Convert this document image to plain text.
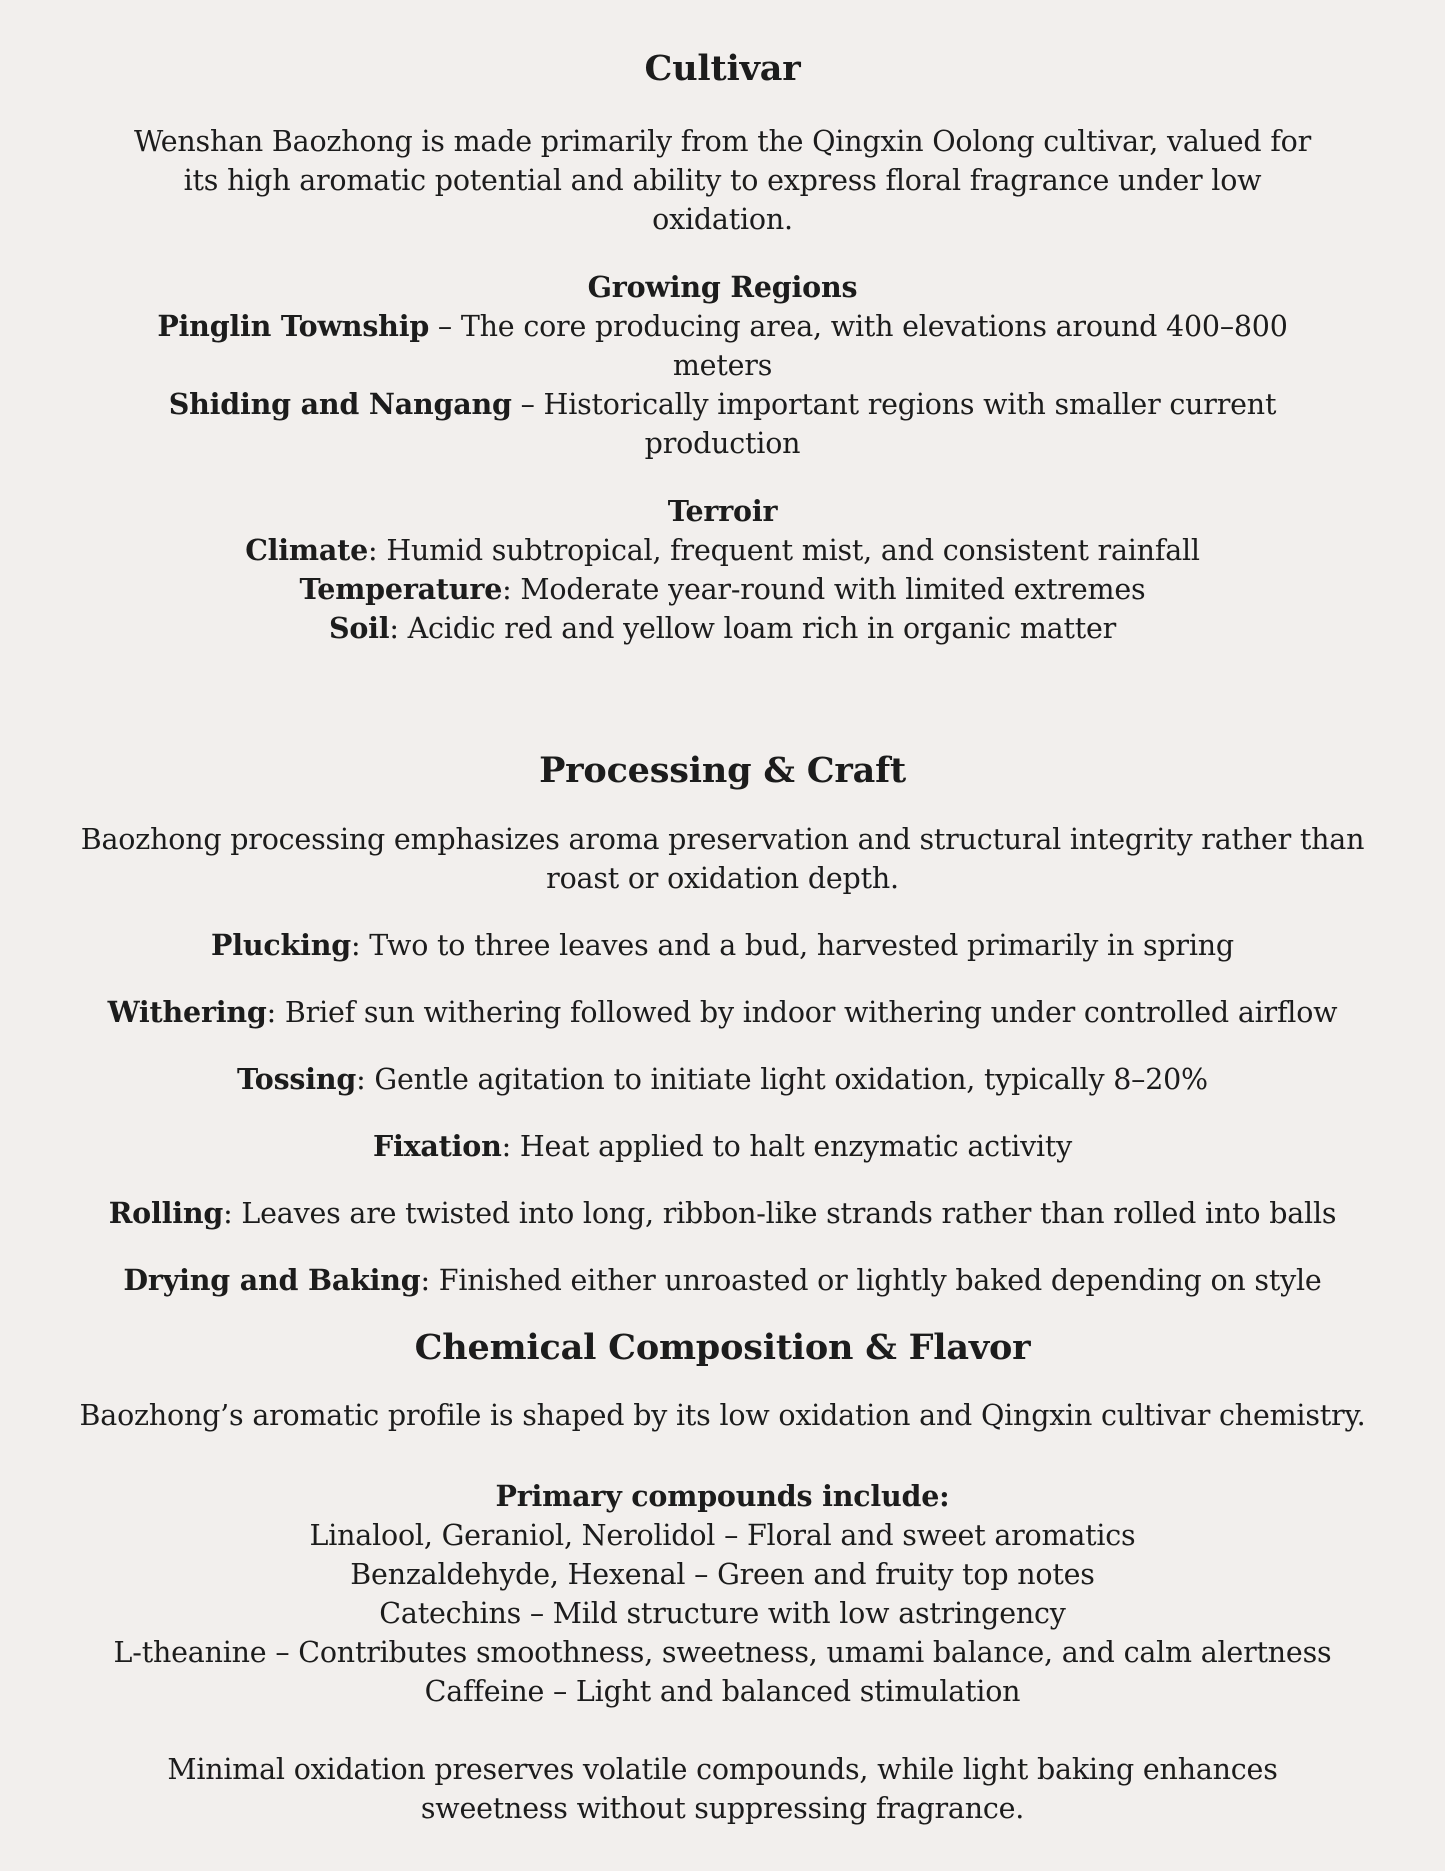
Cultivar

Wenshan Baozhong is made primarily from the Qingxin Oolong cultivar, valued for its high aromatic potential and ability to express floral fragrance under low oxidation.

Growing Regions
Pinglin Township – The core producing area, with elevations around 400–800 meters
Shiding and Nangang – Historically important regions with smaller current production
Terroir
Climate: Humid subtropical, frequent mist, and consistent rainfall
Temperature: Moderate year-round with limited extremes
Soil: Acidic red and yellow loam rich in organic matter
Processing & Craft

Baozhong processing emphasizes aroma preservation and structural integrity rather than roast or oxidation depth.

Plucking: Two to three leaves and a bud, harvested primarily in spring

Withering: Brief sun withering followed by indoor withering under controlled airflow

Tossing: Gentle agitation to initiate light oxidation, typically 8–20%

Fixation: Heat applied to halt enzymatic activity

Rolling: Leaves are twisted into long, ribbon-like strands rather than rolled into balls

Drying and Baking: Finished either unroasted or lightly baked depending on style

Chemical Composition & Flavor

Baozhong’s aromatic profile is shaped by its low oxidation and Qingxin cultivar chemistry.

Primary compounds include:
Linalool, Geraniol, Nerolidol – Floral and sweet aromatics
Benzaldehyde, Hexenal – Green and fruity top notes
Catechins – Mild structure with low astringency
L-theanine – Contributes smoothness, sweetness, umami balance, and calm alertness
Caffeine – Light and balanced stimulation

Minimal oxidation preserves volatile compounds, while light baking enhances sweetness without suppressing fragrance.
